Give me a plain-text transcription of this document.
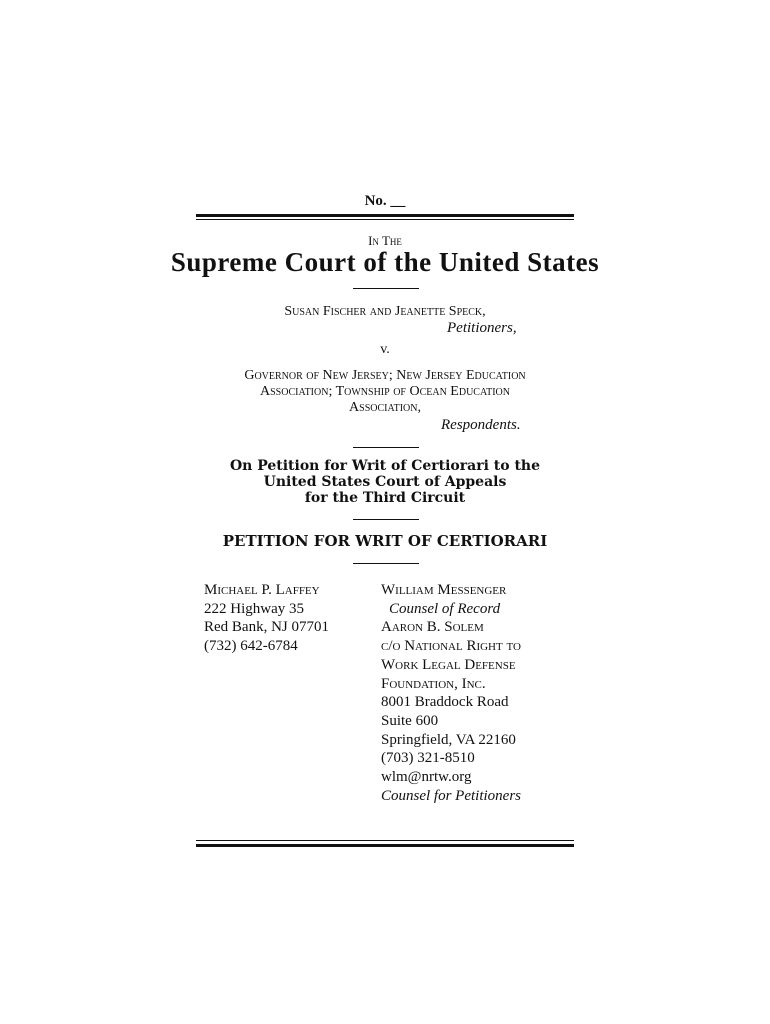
No. __
In The
Supreme Court of the United States
Susan Fischer and Jeanette Speck,
Petitioners,
v.
Governor of New Jersey; New Jersey Education
Association; Township of Ocean Education
Association,
Respondents.
On Petition for Writ of Certiorari to the
United States Court of Appeals
for the Third Circuit
PETITION FOR WRIT OF CERTIORARI
Michael P. Laffey
222 Highway 35
Red Bank, NJ 07701
(732) 642-6784
William Messenger
Counsel of Record
Aaron B. Solem
c/o National Right to
Work Legal Defense
Foundation, Inc.
8001 Braddock Road
Suite 600
Springfield, VA 22160
(703) 321-8510
wlm@nrtw.org
Counsel for Petitioners
